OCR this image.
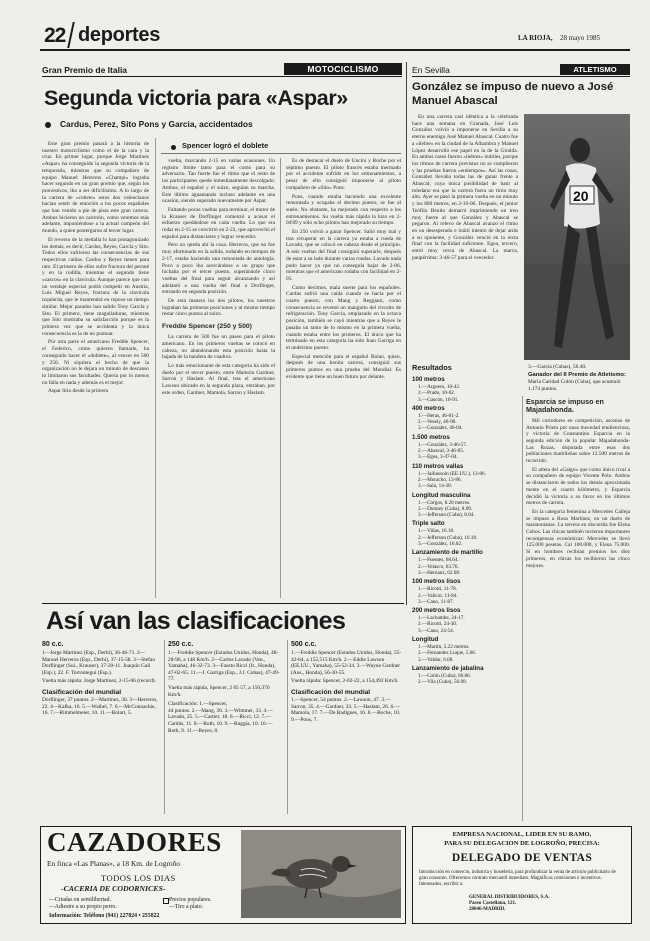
22 deportes	LA RIOJA, 28 mayo 1985
Gran Premio de Italia	MOTOCICLISMO
Segunda victoria para «Aspar»
Cardus, Perez, Sito Pons y Garcia, accidentados

Este gran premio pasará a la historia de nuestro motociclismo como el de la cara y la cruz. En primer lugar, porque Jorge Martínez «Aspar» ha conseguido la segunda victoria de la temporada, mientras que su compañero de equipo Manuel Herreros «Champi» lograba hacer segundo en un gran premio que, según los pronósticos, iba a ser difícilísimo. A lo largo de la carrera de «cohete» estos dos valencianos hacían sentir de emoción a los pocos españoles que han venido a pie de pista este gran carrera. Ambos hicieron un carrerón, como veremos más adelante, imponiéndose a la actual campeón del mundo, a quien postergaron al tercer lugar.

El reverso de la medalla lo han protagonizado los demás, es decir, Cardus, Reyes, García y Sito. Todos ellos sufrieron las consecuencias de sus respectivas caídas. Cardus y Reyes tienen para rato. El primero de ellos sufre fractura del peroné y en la rodilla, mientras el segundo tiene «cascos» en la clavícula. Aunque parece que con un vendaje especial podrá competir en Austria, Luis Miguel Reyes, fractura de la clavícula izquierda, que le mantendrá en reposo un tiempo similar. Mejor parados han salido Tony García y Sito. El primero, tiene magulladuras, mientras que Sito mostraba su satisfacción porque es la primera vez que se accidenta y la única consecuencia es la de no puntuar.

Por otra parte el americano Freddie Spencer, el Federico, como quieren llamarle, ha conseguido hacer el «doblete», al vencer en 500 y 250. Ni siquiera el hecho de que la organización no le dejara un minuto de descanso lo limitaron sus facultades. Quería por lo menos no falla en nada y además es el mejor.

Aspar lirio desde la primera

Spencer logró el doblete

vuelta, marcando 2-15 en varias ocasiones. Un registro límite tanto para el como para su adversario. Tan fuerte fue el ritmo que el resto de los participantes quede inmediatamente descolgado. Ambos, el español y el suizo, seguían su marcha. Este último aguantando incluso adelante en una ocasión, siendo superado nuevamente por Aspar.

Faltando pocas vueltas para terminar, el motor de la Krauser de Dorflinger comenzó a acusar el esfuerzo quedándose en cada vuelta. Lo que era rodar en 2-15 se convirtió en 2-22, que aprovechó el español para distanciarse y lograr vencedor.

Pero no queda ahí la cosa. Herreros, que no fue muy afortunado en la salida, rodando en tiempos de 2-17, estaba haciendo una remontada de antología. Poco a poco iba acercándose a un grupo que luchaba por el tercer puesto, superándole cinco vueltas del final para seguir alcanzando y así adelantó a una vuelta del final a Dorflinger, entrando en segunda posición.

De esta manera los dos pilotos, los nuestros lograban las primeras posiciones y al mismo tiempo restar cinco puntos al suizo.

Freddie Spencer (250 y 500)

La carrera de 500 fue un paseo para el piloto americano. En los primeros vueltas se colocó en cabeza, no abandonando esta posición hasta la bajada de la bandera de cuadros.

Lo más emocionante de esta categoría ha sido el duelo por el tercer puesto, entre Mamola Gardner, Sarron y Haslam. Al final, tras el americano Lawson ubicado en la segunda plaza, entraban, por este orden, Gardner, Mamola, Sarron y Haslam.

Es de destacar el duelo de Uncini y Roche por el séptimo puesto. El piloto francés estaba mermado por el accidente sufrido en los entrenamientos, a pesar de ello consiguió imponerse al piloto compañero de «Sito» Pons.

Pons, cuando estaba haciendo una excelente remontada y ocupaba el decimo puesto, se fue al suelo. No obstante, ha mejorado con respecto a los entrenamientos. Su vuelta más rápida la hizo en 2-04'89 y sólo ocho pilotos han mejorado su tiempo.

En 250 volvió a ganar Spencer. Salió muy mal y tras recuperar en la carrera ya estaba a rueda de Lavado, que se colocó en cabeza desde el principio. A seis vueltas del final consiguió superarle, después de estar a su lado durante varias rondas. Lavado nada pudo hacer ya que no conseguía bajar de 2-06, mientras que el americano rodaba con facilidad en 2-05.

Como decimos, mala suerte para los españoles. Cardus sufrió una caída cuando se hacía por el cuarto puesto, con Mang y Reggiani, como consecuencia se reventó un manguito del circuito de refrigeración. Tony García, emplazado en la octava posición, también se cayó mientras que a Reyes le pasaba un tanto de lo mismo en la primera vuelta, cuando estaba entre los primeros. El único que ha terminado en esta categoría ha sido Juan Garriga en el undécimo puesto.

Especial mención para el español Bulan, quien, después de una bonita carrera, consiguió sus primeros puntos en una prueba del Mundial. Es evidente que tiene un buen futuro por delante.

Así van las clasificaciones
80 c.c.
1—Jorge Martinez (Esp., Derbi), 36-46-71. 2—Manuel Herreros (Esp., Derbi), 37-15-58. 3—Stefan Dorflinger (Sui., Krauser), 37-20-11. Joaquín Gali (Esp.), 22. F. Torrontegui (Esp.).
Vuelta más rápida: Jorge Martinez, 2-15-66 (record).
Clasificación del mundial
Dorflinger, 37 puntos. 2—Martinez, 30. 3—Herreros, 22. 4—Kafka, 16. 5.—Waibel, 7. 6.—McConnachie, 16. 7.—Rimmelmeier, 10. 11.—Bolart, 5.
250 c.c.
1.—Freddie Spencer (Estados Unidos, Honda), 48-28-96, a 148 Km/h. 2—Carlos Lavado (Ven., Yamaha), 46-32-73. 3—Fausto Ricci (It., Honda), 47-02-65. 11.—J. Garriga (Esp., J.J. Cobas), 47-49-77.
Vuelta más rápida, Spencer, 2 05 57, a 150,370 Km/h.
Clasificación: 1.—Spencer,
44 puntos. 2.—Mang, 36. 3.—Wimmer, 33. 4.—Lavado, 25. 5.—Cartier, 18. 6.—Ricci, 12. 7.—Cardús, 11. 8.—Roth, 10. 9.—Ruggia, 10. 10.—Roth, 9. 11.—Reyes, 8.
500 c.c.
1.—Freddie Spencer (Estados Unidos, Honda), 55-42-64, a 152,515 Km/h. 2.—Eddie Lawson (EE.UU., Yamaha), 55-52-34. 3.—Wayne Gardner (Aus., Honda), 56-30-55.
Vuelta rápida: Spencer, 2-02-22, a 154,492 Km/h.
Clasificación del mundial
1.—Spencer, 54 puntos. 2.—Lawson, 47. 3.—Sarron, 35. 4.—Gardner, 33. 5.—Haslam, 26. 6.—Mamola, 17. 7.—De Radigues, 16. 8.—Roche, 10. 9.—Pons, 7.
En Sevilla	ATLETISMO
González se impuso de nuevo a José Manuel Abascal

En una carrera casi idéntica a la celebrada hace una semana en Granada, José Luis González volvió a imponerse en Sevilla a su eterno enemigo José Manuel Abascal. Cuatro fue a «liebre» en la ciudad de la Alhambra y Manuel López desarrolló ese papel en la de la Giralda. En ambos casos fueron «liebres» inútiles, porque los ritmos de carrera previstos no se cumplieron y las pruebas fueron «entiempos». Así las cosas, González llevaba todas las de ganar frente a Abascal, cuya única posibilidad de batir al toledano era que la carrera fuera un tirón muy alto. Ayer se pasó la primera vuelta en un minuto y los 800 metros, en 2-10-06. Después, el junior Teófilo Benito demarró imprimiendo un tren muy fuerte al que González y Abascal se pegaron. Al relevo de Abascal avanzo el ritmo en un desesperado e inútil intento de dejar atrás a su oponente, y González venció en la recta final con la facilidad suficiente. Egea, tercero, entró muy cerca de Abascal. La marca, paupérrima: 3-46-57 para el vencedor.

20
3.—Garcia (Cubas), 56.40.
Ganador del II Premio de Atletismo:
María Caridad Colón (Cuba), que acumuló 1.174 puntos.
Resultados
100 metros
1.—Arguero, 10-42.
2.—Prado, 10-62.
3.—Gascón, 10-91.
400 metros
1.—Heras, 46-61-2.
2.—Vesely, 46-90.
3.—Gonzalez, 46-04.
1.500 metros
1.—González, 3-46-57.
2.—Abascal, 3-46-85.
3.—Egea, 3-47-04.
110 metros vallas
1.—Jaillassoin (EE.UU.), 13-86.
2.—Moracho, 13-86.
3.—Sala, 14-38.
Longitud masculina
1.—Corgos, 8.20 metros.
2.—Dunney (Cuba), 8.09.
3.—Jefferson (Cuba), 8.04.
Triple salto
1.—Viñas, 16.18.
2.—Jefferson (Cuba), 16.18.
3.—González, 16.02.
Lanzamiento de martillo
1.—Fuentes, 68.64.
2.—Velasco, 63.76.
3.—Hernanz, 62.08.
100 metros lisos
1.—Ricotti, 11-78.
2.—Valicor, 11-84.
3.—Cano, 11-87.
200 metros lisos
1.—Lachambe, 24-17.
2.—Ricotti, 24-30.
3.—Cano, 24-54.
Longitud
1.—Martín, 5.22 metros.
2.—Fernandez Luque, 5.66.
3.—Valdor, 6.08.
Lanzamiento de jabalina
1.—Colón (Cuba), 66.86.
2.—Vila (Cuba), 56.08.
Esparcia se impuso en Majadahonda.

Mil corredores en competición, ascenso de Antonio Prieto por unas mocedad tendienciosa, y victoria de Constantino Esparcia en la segunda edición de la popular Majadahonda-Las Rozas, disputada entre esas dos poblaciones madrileñas sobre 12.500 metros de recorrido.

El atleta del «Galgo» que como único rival a su compañero de equipo Vicente Polo. Ambos se distanciaron de todos los demás aproximada mente en el cuarto kilómetro, y Esparcia decidió la victoria a su favor en los últimos metros de carrera.

En la categoría femenina a Mercedes Calleja se impuso a Rosa Martínez, en un duelo de maratonianas. La tercera en discordia fue Elena Cobos. Las chicas también tuvieron importantes recompensas económicas: Mercedes se llevó 125.000 pesetas. Cal 100.000, y Elena 75.000. Si en hombres recibían premios los diez primeros, en chicas los recibieron las cinco mejores.

CAZADORES
En finca «Las Planas», a 18 Km. de Logroño
TODOS LOS DIAS
-CACERIA DE CODORNICES-
—Criadas en semilibertad.
—Adiestre a su propio perro.
Precios populares.
—Tiro a plato.
Información: Teléfono (941) 227824 • 255822
EMPRESA NACIONAL, LIDER EN SU RAMO,
PARA SU DELEGACION DE LOGROÑO, PRECISA:
DELEGADO DE VENTAS
Introducción en comercio, industria y hostelería, para profundizar la venta de artículo publicitario de gran consumo. Ofrecemos contrato mercantil inmediato. Magníficas comisiones e incentivos. Interesados, escribir a:
GENERAL DISTRIBUIDORES, S.A.
Paseo Castellana, 121.
28046-MADRID.
